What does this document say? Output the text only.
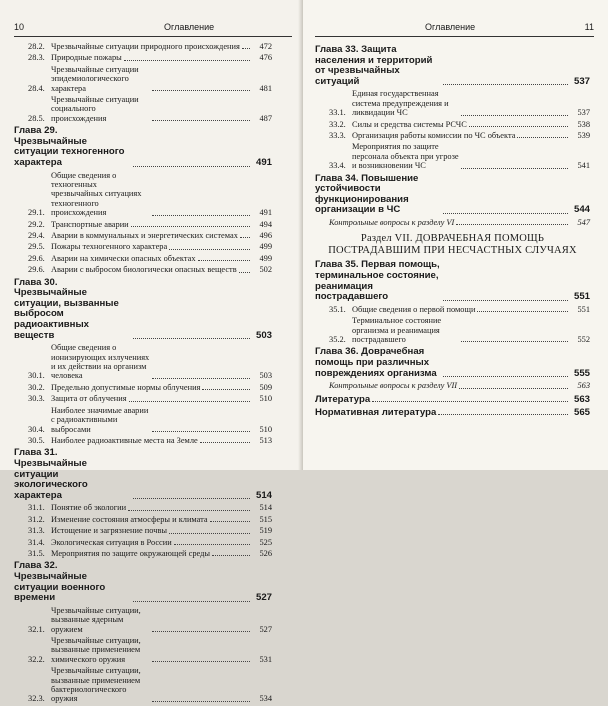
10	Оглавление
28.2. Чрезвычайные ситуации природного происхождения	472
28.3. Природные пожары	476
28.4.
Чрезвычайные ситуации эпидемиологического характера	481
28.5.
Чрезвычайные ситуации социального происхождения	487
Глава 29. Чрезвычайные ситуации техногенного характера	491
29.1.
Общие сведения о техногенных чрезвычайных ситуациях техногенного происхождения	491
29.2. Транспортные аварии	494
29.4. Аварии в коммунальных и энергетических системах	496
29.5. Пожары техногенного характера	499
29.6. Аварии на химически опасных объектах	499
29.6. Аварии с выбросом биологически опасных веществ	502
Глава 30. Чрезвычайные ситуации, вызванные выбросом радиоактивных веществ	503
30.1.
Общие сведения о ионизирующих излучениях и их действии на организм человека	503
30.2. Предельно допустимые нормы облучения	509
30.3. Защита от облучения	510
30.4.
Наиболее значимые аварии с радиоактивными выбросами	510
30.5. Наиболее радиоактивные места на Земле	513
Глава 31. Чрезвычайные ситуации экологического характера	514
31.1. Понятие об экологии	514
31.2. Изменение состояния атмосферы и климата	515
31.3. Истощение и загрязнение почвы	519
31.4. Экологическая ситуация в России	525
31.5. Мероприятия по защите окружающей среды	526
Глава 32. Чрезвычайные ситуации военного времени	527
32.1.
Чрезвычайные ситуации, вызванные ядерным оружием	527
32.2.
Чрезвычайные ситуации, вызванные применением химического оружия	531
32.3.
Чрезвычайные ситуации, вызванные применением бактериологического оружия	534
Оглавление	11
Глава 33. Защита населения и территорий от чрезвычайных ситуаций	537
33.1.
Единая государственная система предупреждения и ликвидации ЧС	537
33.2. Силы и средства системы РСЧС	538
33.3. Организация работы комиссии по ЧС объекта	539
33.4.
Мероприятия по защите персонала объекта при угрозе и возникновении ЧС	541
Глава 34. Повышение устойчивости функционирования организации в ЧС	544
Контрольные вопросы к разделу VI	547
Раздел VII. ДОВРАЧЕБНАЯ ПОМОЩЬ ПОСТРАДАВШИМ ПРИ НЕСЧАСТНЫХ СЛУЧАЯХ
Глава 35. Первая помощь, терминальное состояние, реанимация пострадавшего	551
35.1. Общие сведения о первой помощи	551
35.2.
Терминальное состояние организма и реанимация пострадавшего	552
Глава 36. Доврачебная помощь при различных повреждениях организма	555
Контрольные вопросы к разделу VII	563
Литература	563
Нормативная литература	565
